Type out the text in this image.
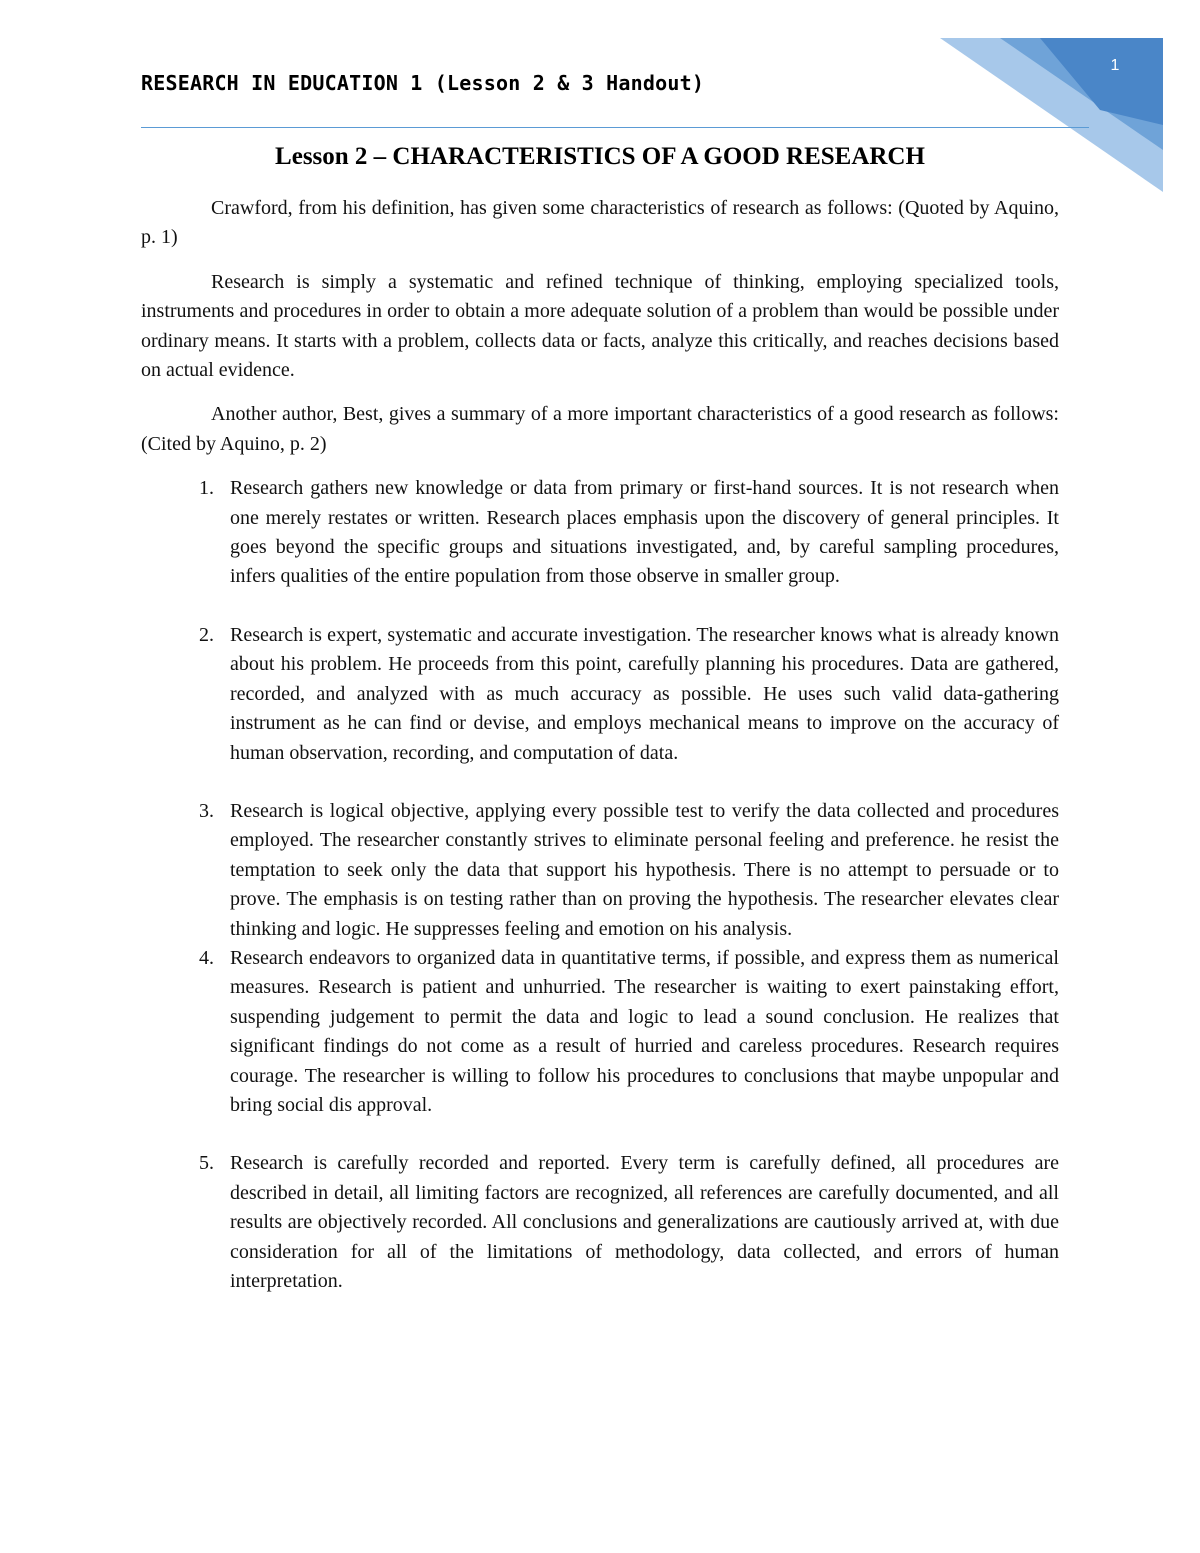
1
RESEARCH IN EDUCATION 1 (Lesson 2 & 3 Handout)
Lesson 2 – CHARACTERISTICS OF A GOOD RESEARCH

Crawford, from his definition, has given some characteristics of research as follows: (Quoted by Aquino, p. 1)

Research is simply a systematic and refined technique of thinking, employing specialized tools, instruments and procedures in order to obtain a more adequate solution of a problem than would be possible under ordinary means. It starts with a problem, collects data or facts, analyze this critically, and reaches decisions based on actual evidence.

Another author, Best, gives a summary of a more important characteristics of a good research as follows: (Cited by Aquino, p. 2)

1. Research gathers new knowledge or data from primary or first-hand sources. It is not research when one merely restates or written. Research places emphasis upon the discovery of general principles. It goes beyond the specific groups and situations investigated, and, by careful sampling procedures, infers qualities of the entire population from those observe in smaller group.
2. Research is expert, systematic and accurate investigation. The researcher knows what is already known about his problem. He proceeds from this point, carefully planning his procedures. Data are gathered, recorded, and analyzed with as much accuracy as possible. He uses such valid data-gathering instrument as he can find or devise, and employs mechanical means to improve on the accuracy of human observation, recording, and computation of data.
3. Research is logical objective, applying every possible test to verify the data collected and procedures employed. The researcher constantly strives to eliminate personal feeling and preference. he resist the temptation to seek only the data that support his hypothesis. There is no attempt to persuade or to prove. The emphasis is on testing rather than on proving the hypothesis. The researcher elevates clear thinking and logic. He suppresses feeling and emotion on his analysis.
4. Research endeavors to organized data in quantitative terms, if possible, and express them as numerical measures. Research is patient and unhurried. The researcher is waiting to exert painstaking effort, suspending judgement to permit the data and logic to lead a sound conclusion. He realizes that significant findings do not come as a result of hurried and careless procedures. Research requires courage. The researcher is willing to follow his procedures to conclusions that maybe unpopular and bring social dis approval.
5. Research is carefully recorded and reported. Every term is carefully defined, all procedures are described in detail, all limiting factors are recognized, all references are carefully documented, and all results are objectively recorded. All conclusions and generalizations are cautiously arrived at, with due consideration for all of the limitations of methodology, data collected, and errors of human interpretation.
